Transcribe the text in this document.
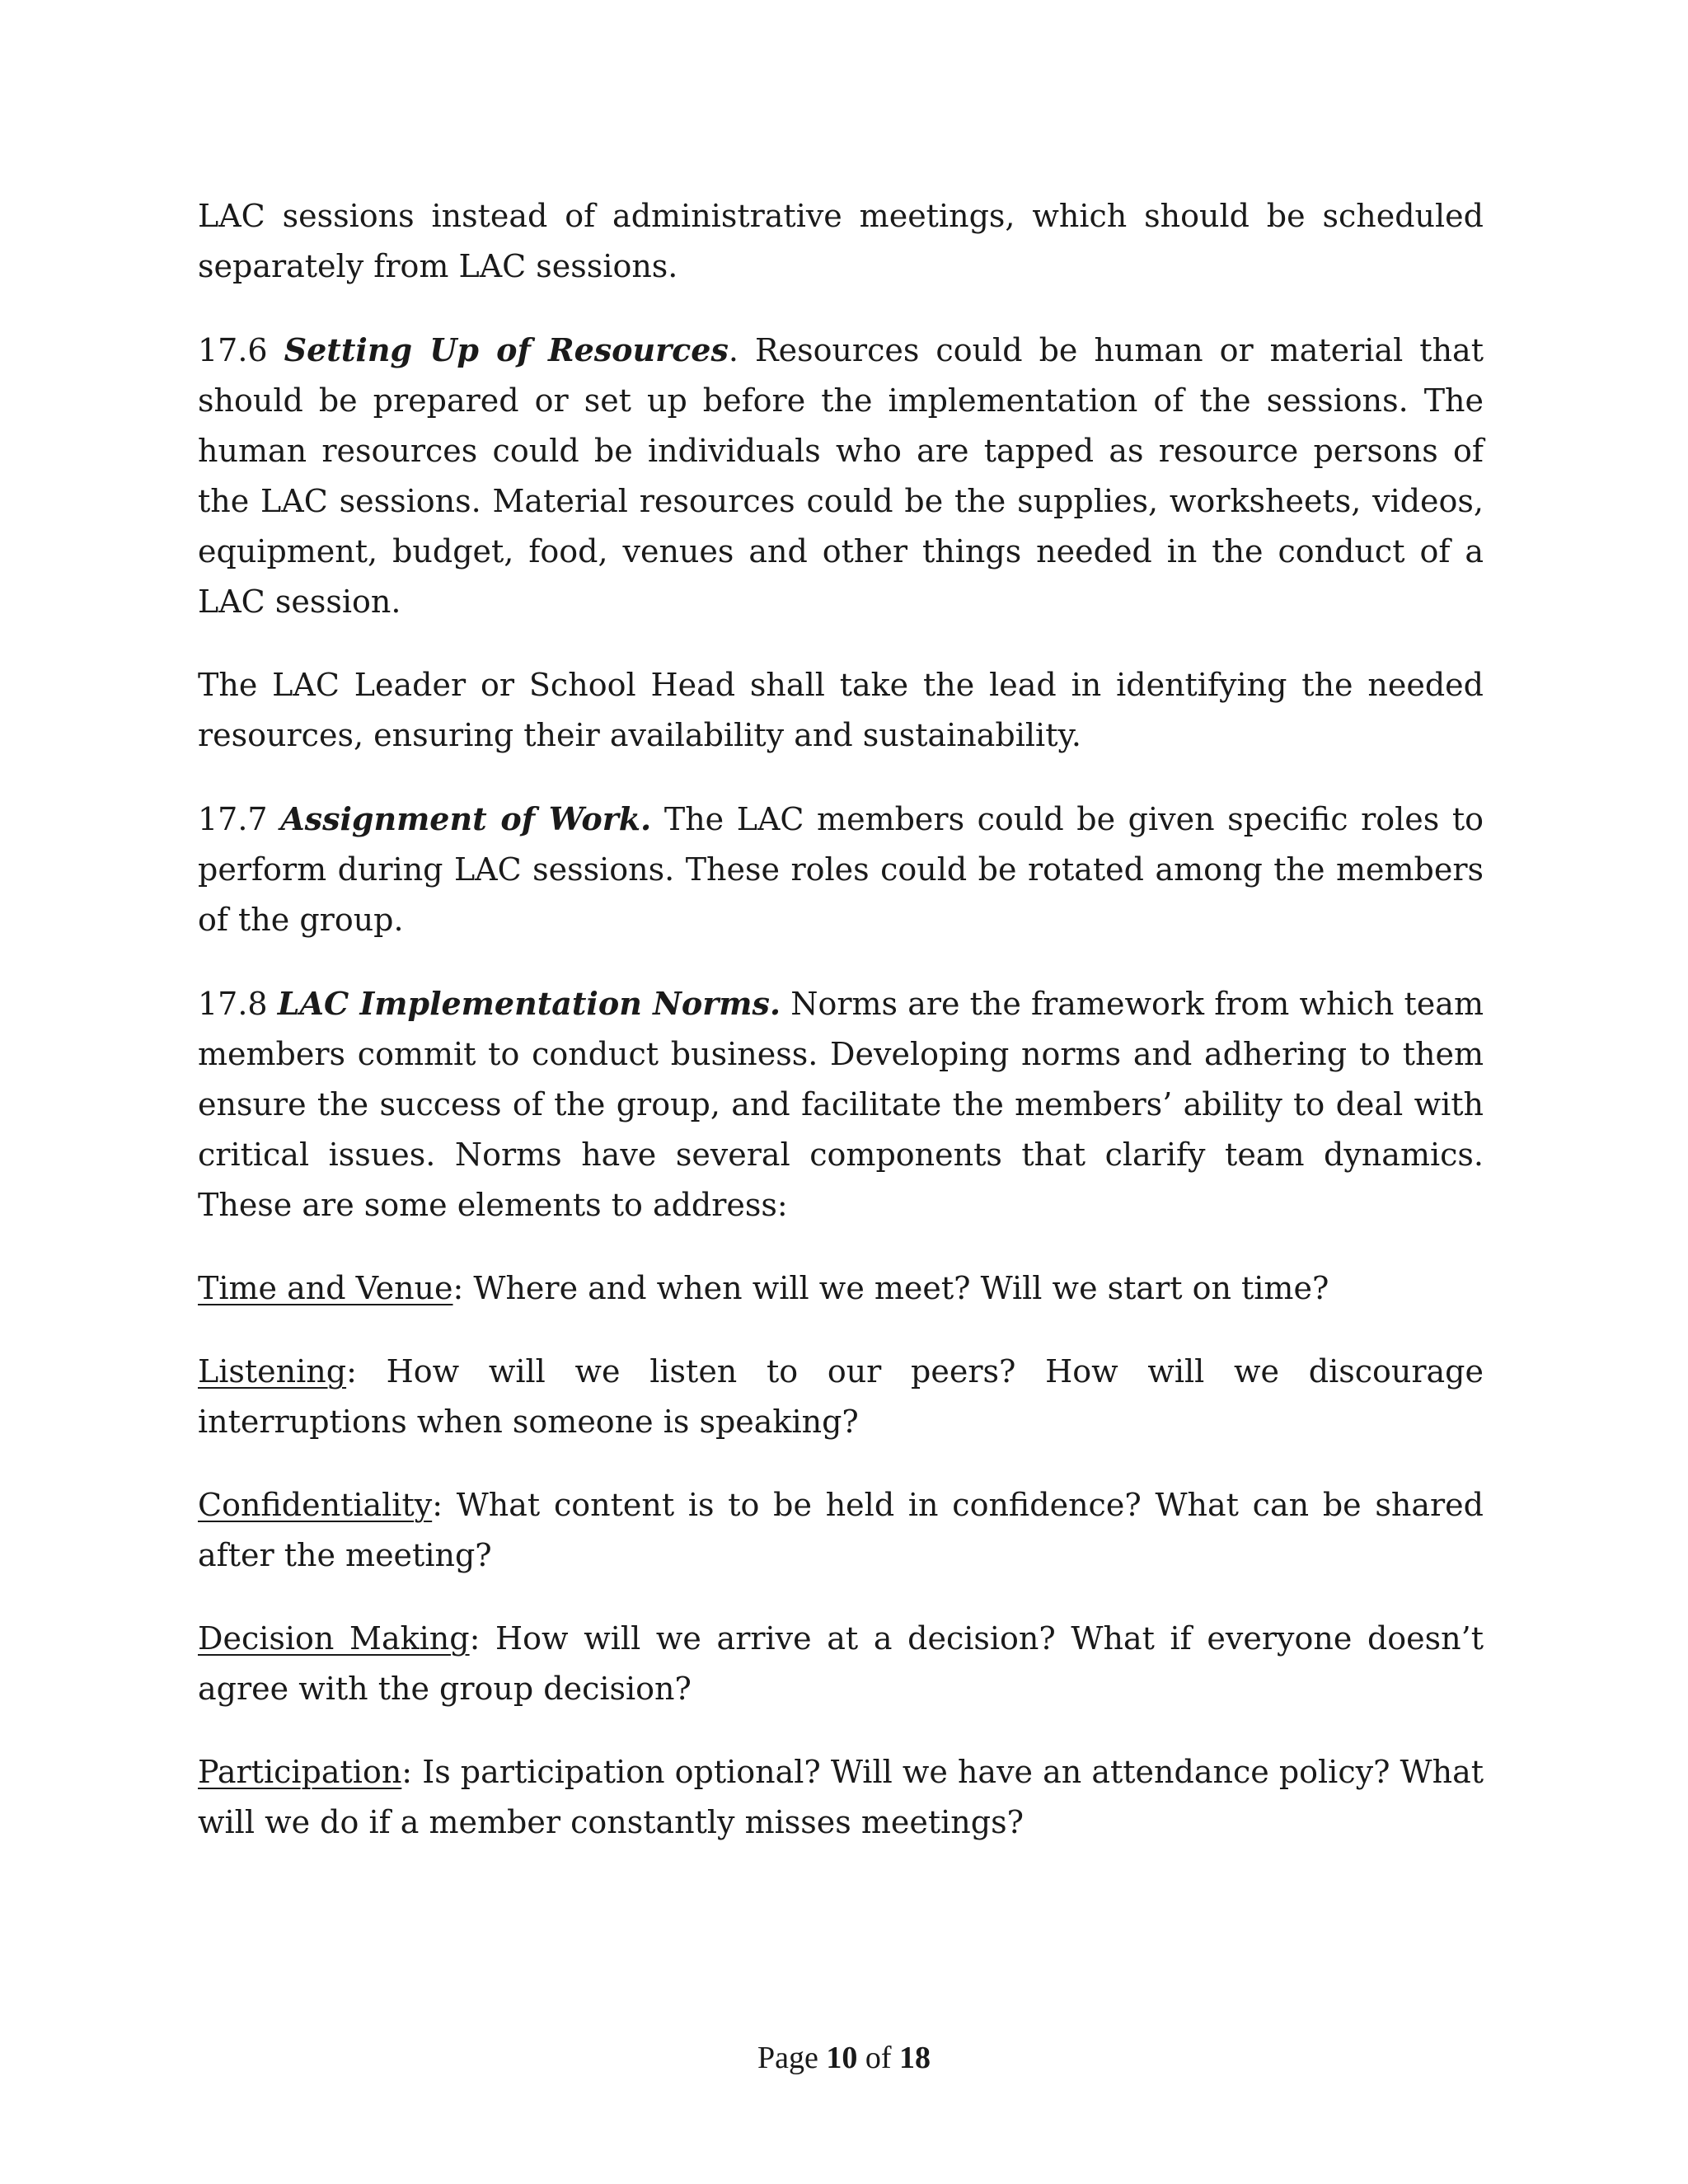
LAC sessions instead of administrative meetings, which should be scheduled separately from LAC sessions.

17.6 Setting Up of Resources. Resources could be human or material that should be prepared or set up before the implementation of the sessions. The human resources could be individuals who are tapped as resource persons of the LAC sessions. Material resources could be the supplies, worksheets, videos, equipment, budget, food, venues and other things needed in the conduct of a LAC session.

The LAC Leader or School Head shall take the lead in identifying the needed resources, ensuring their availability and sustainability.

17.7 Assignment of Work. The LAC members could be given specific roles to perform during LAC sessions. These roles could be rotated among the members of the group.

17.8 LAC Implementation Norms. Norms are the framework from which team members commit to conduct business. Developing norms and adhering to them ensure the success of the group, and facilitate the members’ ability to deal with critical issues. Norms have several components that clarify team dynamics. These are some elements to address:

Time and Venue: Where and when will we meet? Will we start on time?

Listening: How will we listen to our peers? How will we discourage interruptions when someone is speaking?

Confidentiality: What content is to be held in confidence? What can be shared after the meeting?

Decision Making: How will we arrive at a decision? What if everyone doesn’t agree with the group decision?

Participation: Is participation optional? Will we have an attendance policy? What will we do if a member constantly misses meetings?

Page 10 of 18
